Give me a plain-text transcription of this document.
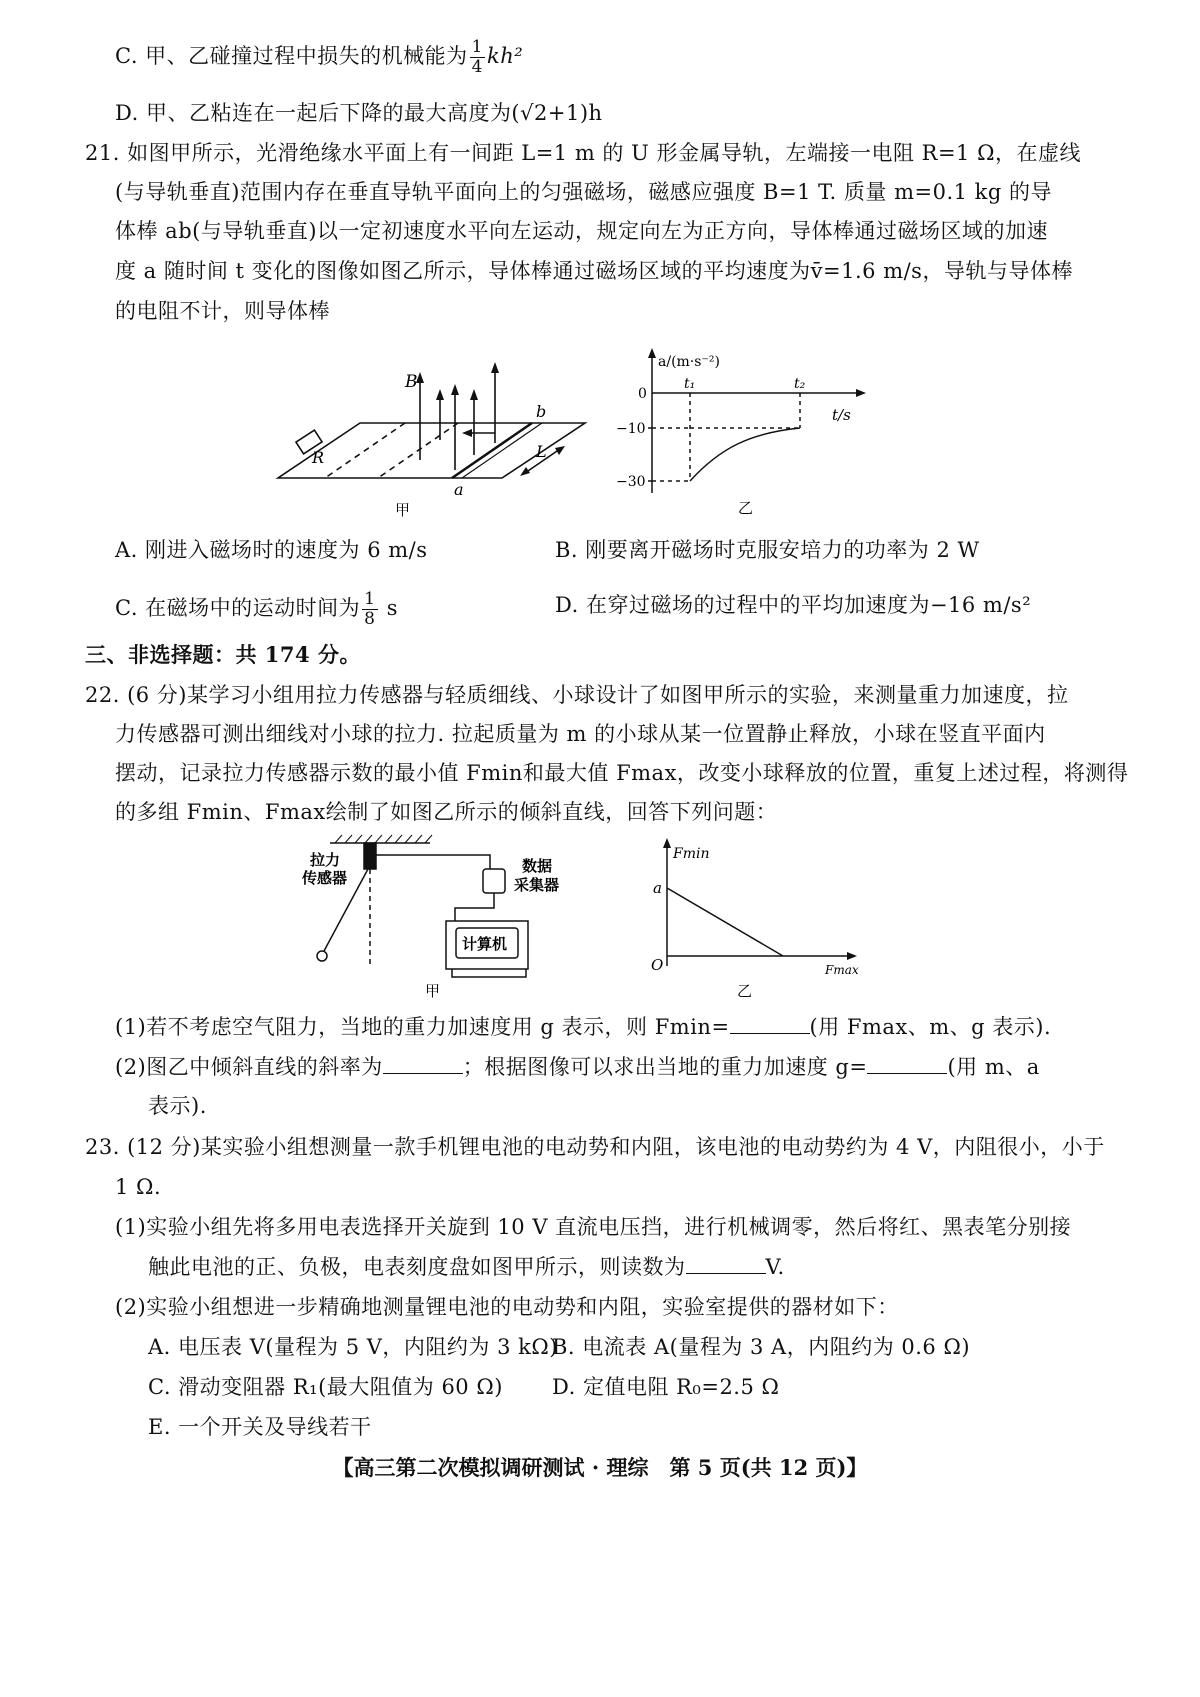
C. 甲、乙碰撞过程中损失的机械能为 $\frac{1}{4} kh^2$
D. 甲、乙粘连在一起后下降的最大高度为(√2+1)h
21. 如图甲所示，光滑绝缘水平面上有一间距 L=1 m 的 U 形金属导轨，左端接一电阻 R=1 Ω，在虚线
(与导轨垂直)范围内存在垂直导轨平面向上的匀强磁场，磁感应强度 B=1 T. 质量 m=0.1 kg 的导
体棒 ab(与导轨垂直)以一定初速度水平向左运动，规定向左为正方向，导体棒通过磁场区域的加速
度 a 随时间 t 变化的图像如图乙所示，导体棒通过磁场区域的平均速度为v̄=1.6 m/s，导轨与导体棒
的电阻不计，则导体棒
B
R	L
a
b
甲
a/(m·s⁻²)
t/s
0
t₁	t₂
−10
−30
乙
A. 刚进入磁场时的速度为 6 m/s	B. 刚要离开磁场时克服安培力的功率为 2 W
C. 在磁场中的运动时间为 $\frac{1}{8}$ s	D. 在穿过磁场的过程中的平均加速度为−16 m/s²
三、非选择题：共 174 分。
22. (6 分)某学习小组用拉力传感器与轻质细线、小球设计了如图甲所示的实验，来测量重力加速度，拉
力传感器可测出细线对小球的拉力. 拉起质量为 m 的小球从某一位置静止释放，小球在竖直平面内
摆动，记录拉力传感器示数的最小值 Fmin和最大值 Fmax，改变小球释放的位置，重复上述过程，将测得
的多组 Fmin、Fmax绘制了如图乙所示的倾斜直线，回答下列问题：
拉力
传感器
数据
采集器
计算机
甲
Fmin
Fmax
O
a
乙
(1)若不考虑空气阻力，当地的重力加速度用 g 表示，则 Fmin=	(用 Fmax、m、g 表示).
(2)图乙中倾斜直线的斜率为	；根据图像可以求出当地的重力加速度 g=	(用 m、a
表示).
23. (12 分)某实验小组想测量一款手机锂电池的电动势和内阻，该电池的电动势约为 4 V，内阻很小，小于
1 Ω.
(1)实验小组先将多用电表选择开关旋到 10 V 直流电压挡，进行机械调零，然后将红、黑表笔分别接
触此电池的正、负极，电表刻度盘如图甲所示，则读数为	V.
(2)实验小组想进一步精确地测量锂电池的电动势和内阻，实验室提供的器材如下：
A. 电压表 V(量程为 5 V，内阻约为 3 kΩ)
B. 电流表 A(量程为 3 A，内阻约为 0.6 Ω)
C. 滑动变阻器 R₁(最大阻值为 60 Ω) D. 定值电阻 R₀=2.5 Ω
E. 一个开关及导线若干
【高三第二次模拟调研测试 · 理综　第 5 页(共 12 页)】
